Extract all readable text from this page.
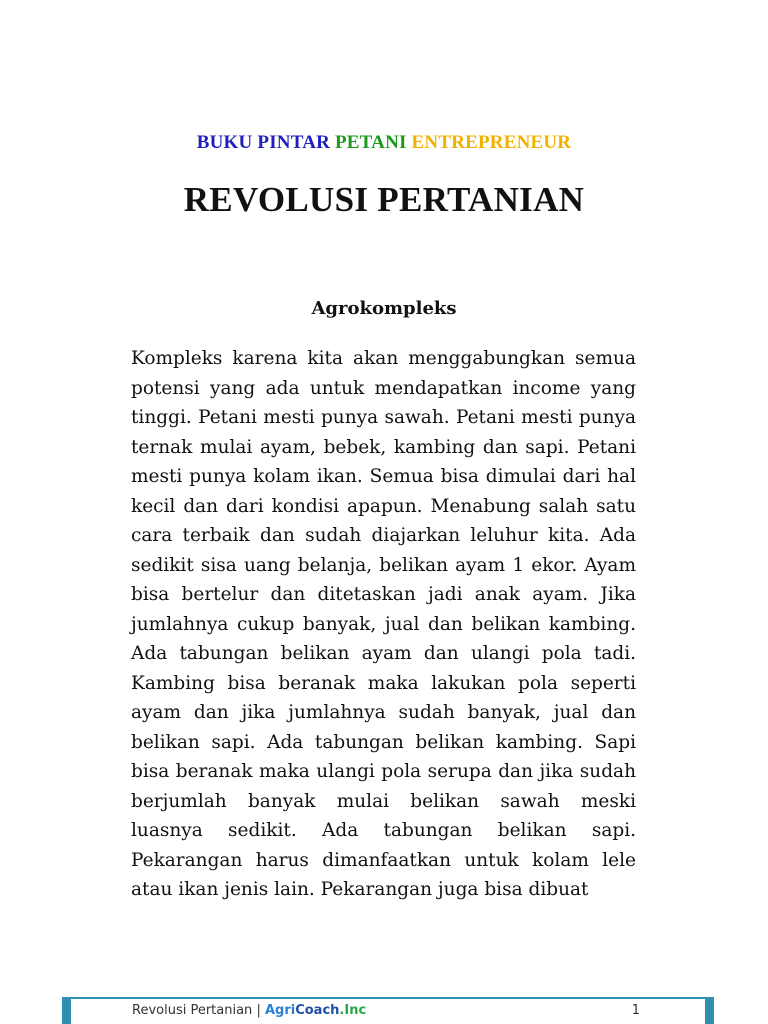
BUKU PINTAR PETANI ENTREPRENEUR
REVOLUSI PERTANIAN
Agrokompleks

Kompleks karena kita akan menggabungkan semua potensi yang ada untuk mendapatkan income yang tinggi. Petani mesti punya sawah. Petani mesti punya ternak mulai ayam, bebek, kambing dan sapi. Petani mesti punya kolam ikan. Semua bisa dimulai dari hal kecil dan dari kondisi apapun. Menabung salah satu cara terbaik dan sudah diajarkan leluhur kita. Ada sedikit sisa uang belanja, belikan ayam 1 ekor. Ayam bisa bertelur dan ditetaskan jadi anak ayam. Jika jumlahnya cukup banyak, jual dan belikan kambing. Ada tabungan belikan ayam dan ulangi pola tadi. Kambing bisa beranak maka lakukan pola seperti ayam dan jika jumlahnya sudah banyak, jual dan belikan sapi. Ada tabungan belikan kambing. Sapi bisa beranak maka ulangi pola serupa dan jika sudah berjumlah banyak mulai belikan sawah meski luasnya sedikit. Ada tabungan belikan sapi. Pekarangan harus dimanfaatkan untuk kolam lele atau ikan jenis lain. Pekarangan juga bisa dibuat

Revolusi Pertanian | AgriCoach.Inc	1
